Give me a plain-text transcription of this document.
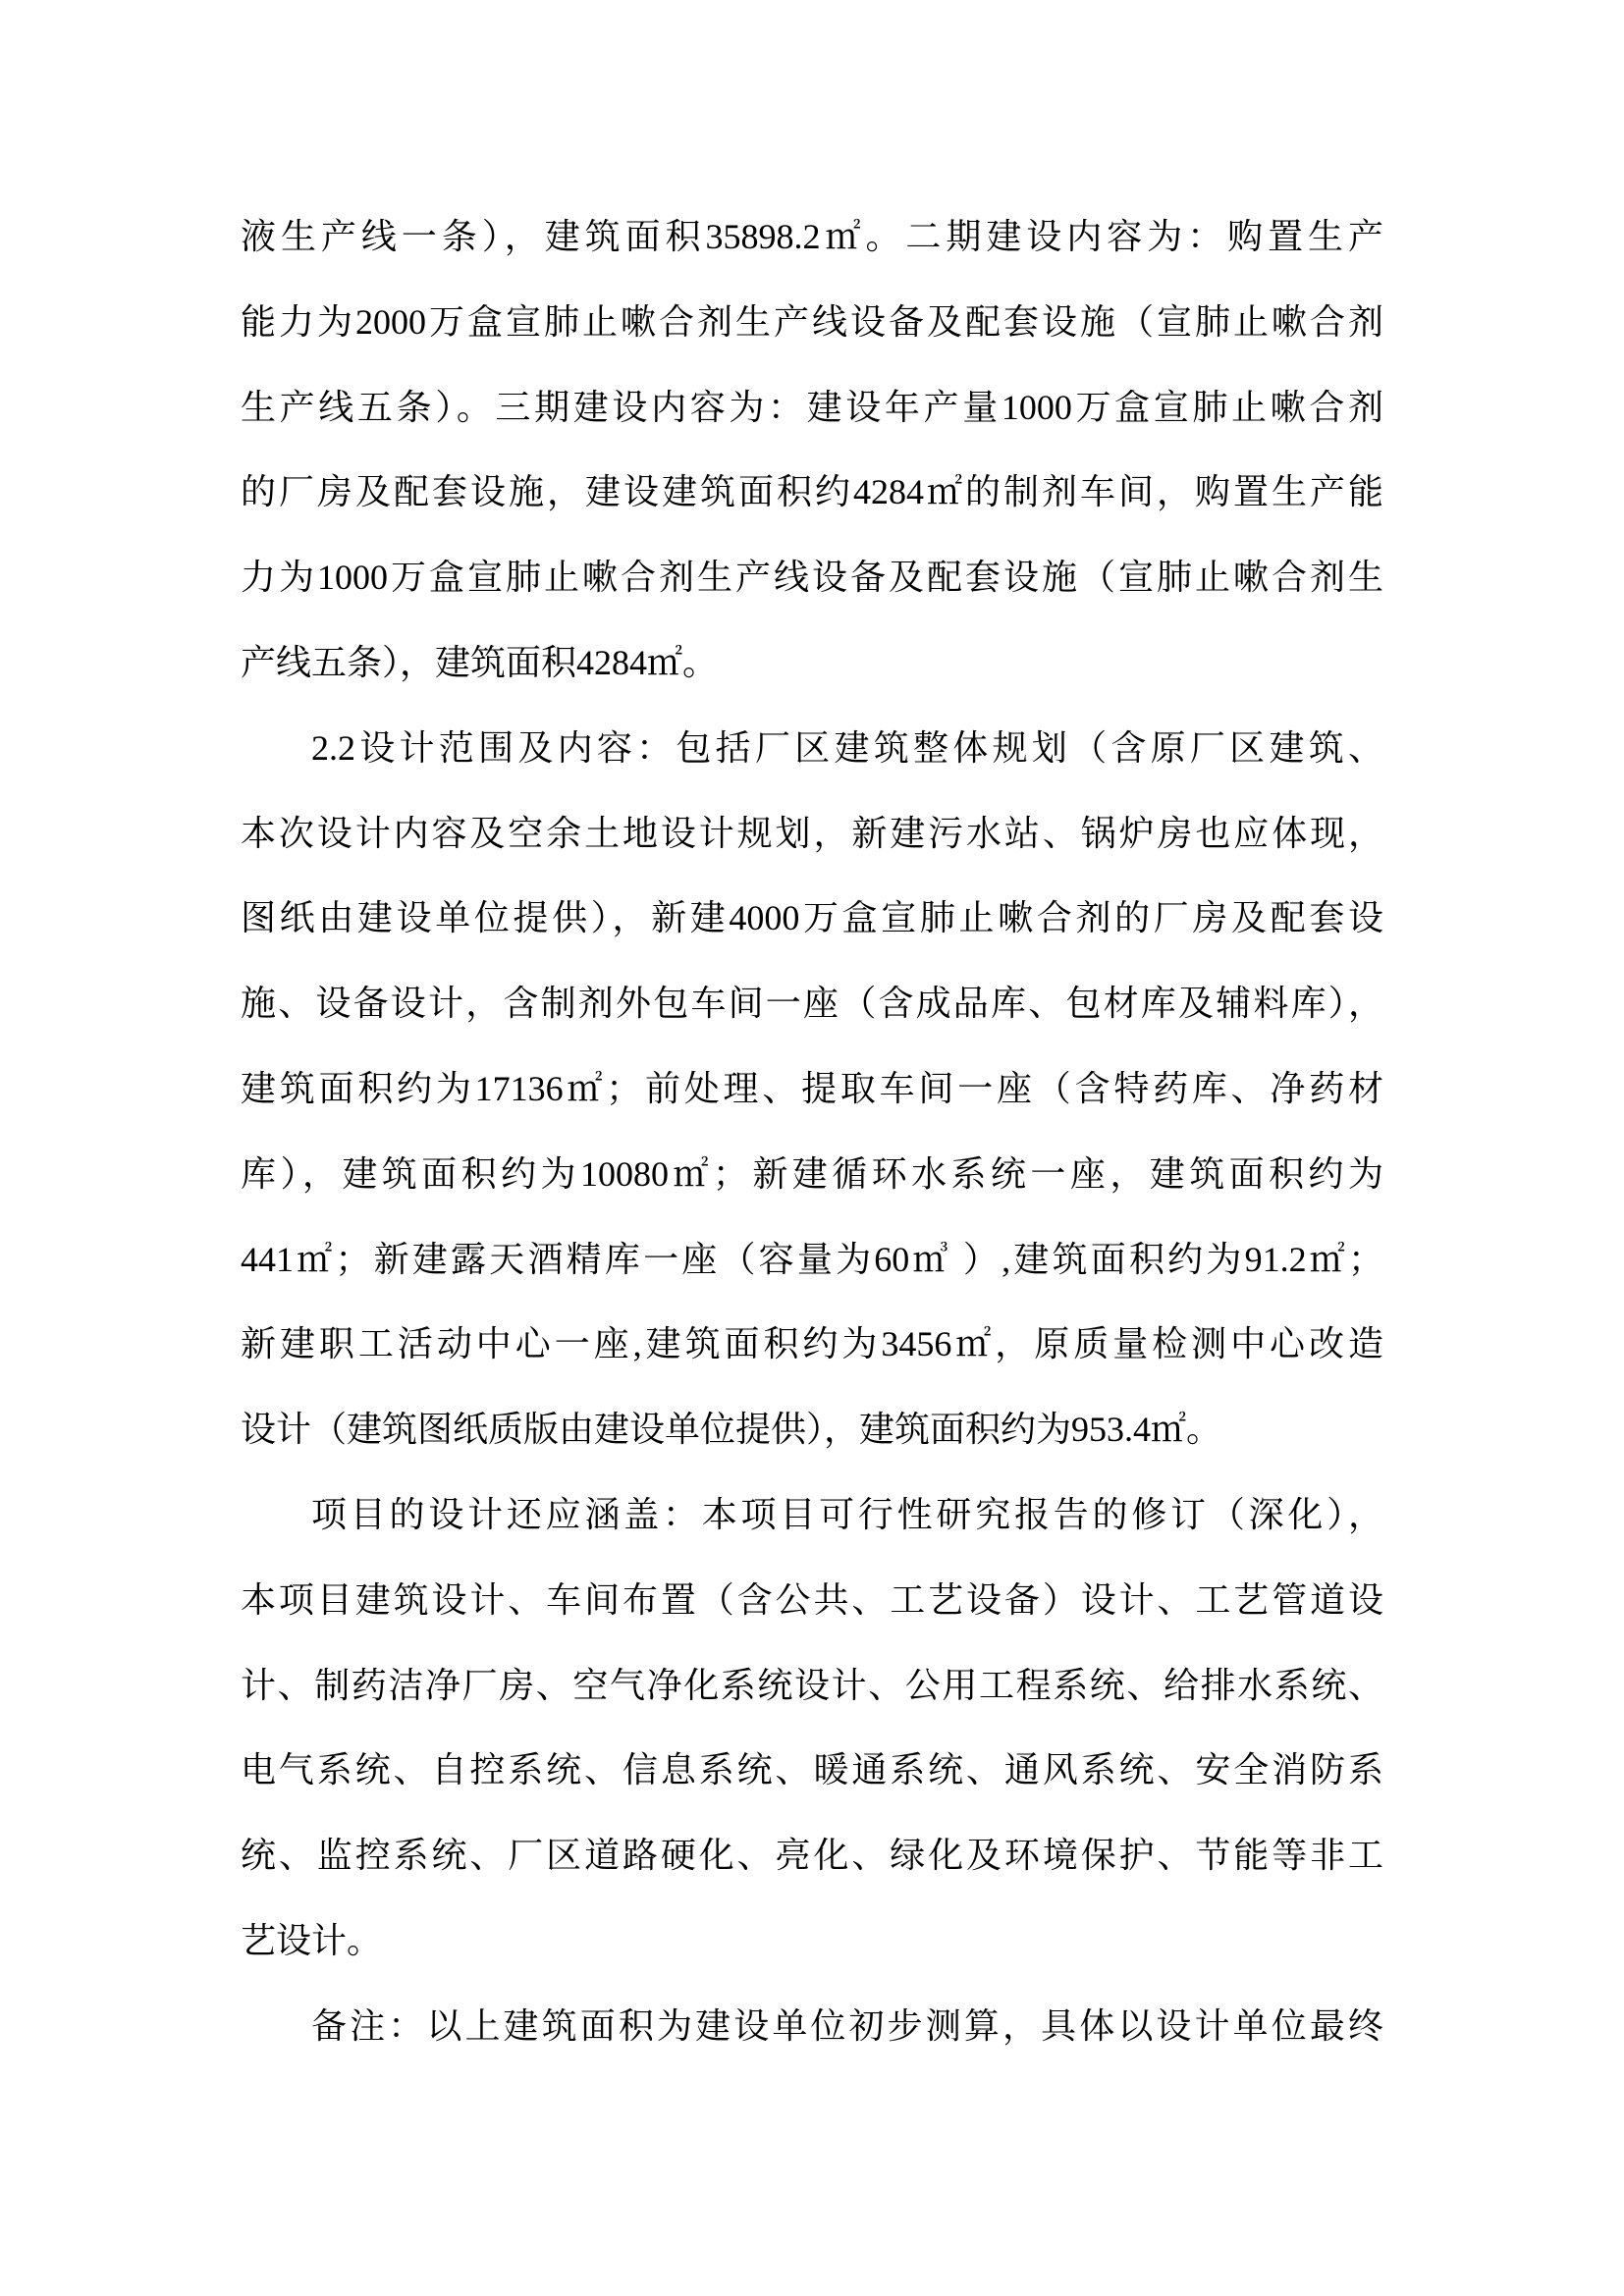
液生产线一条），建筑面积35898.2㎡。二期建设内容为：购置生产
能力为2000万盒宣肺止嗽合剂生产线设备及配套设施（宣肺止嗽合剂
生产线五条）。三期建设内容为：建设年产量1000万盒宣肺止嗽合剂
的厂房及配套设施，建设建筑面积约4284㎡的制剂车间，购置生产能
力为1000万盒宣肺止嗽合剂生产线设备及配套设施（宣肺止嗽合剂生
产线五条），建筑面积4284㎡。
2.2设计范围及内容：包括厂区建筑整体规划（含原厂区建筑、
本次设计内容及空余土地设计规划，新建污水站、锅炉房也应体现，
图纸由建设单位提供），新建4000万盒宣肺止嗽合剂的厂房及配套设
施、设备设计，含制剂外包车间一座（含成品库、包材库及辅料库），
建筑面积约为17136㎡；前处理、提取车间一座（含特药库、净药材
库），建筑面积约为10080㎡；新建循环水系统一座，建筑面积约为
441㎡；新建露天酒精库一座（容量为60㎥ ）,建筑面积约为91.2㎡；
新建职工活动中心一座,建筑面积约为3456㎡，原质量检测中心改造
设计（建筑图纸质版由建设单位提供），建筑面积约为953.4㎡。
项目的设计还应涵盖：本项目可行性研究报告的修订（深化），
本项目建筑设计、车间布置（含公共、工艺设备）设计、工艺管道设
计、制药洁净厂房、空气净化系统设计、公用工程系统、给排水系统、
电气系统、自控系统、信息系统、暖通系统、通风系统、安全消防系
统、监控系统、厂区道路硬化、亮化、绿化及环境保护、节能等非工
艺设计。
备注：以上建筑面积为建设单位初步测算，具体以设计单位最终
